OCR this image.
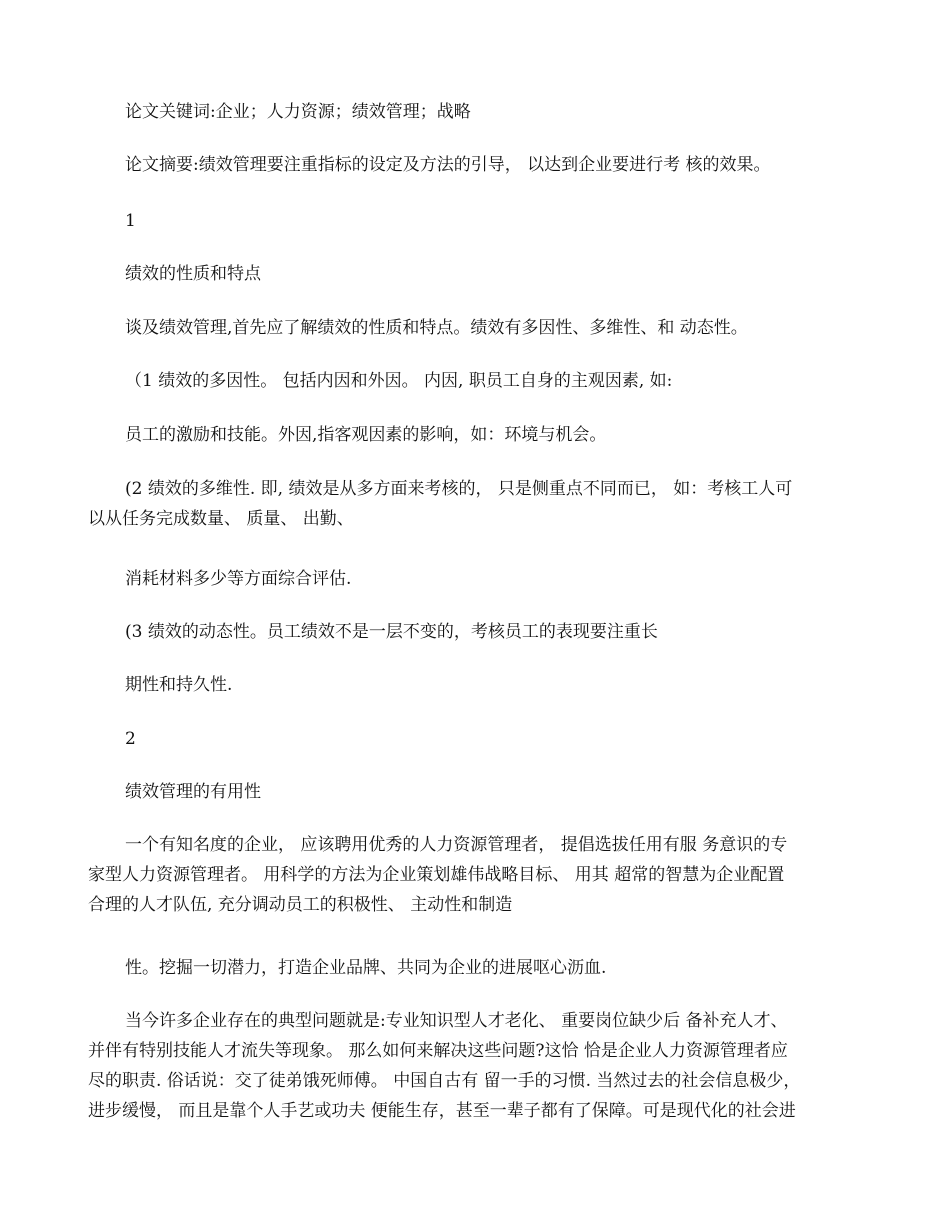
论文关键词:企业；人力资源；绩效管理；战略

论文摘要:绩效管理要注重指标的设定及方法的引导， 以达到企业要进行考 核的效果。

1

绩效的性质和特点

谈及绩效管理,首先应了解绩效的性质和特点。绩效有多因性、多维性、和 动态性。

（1 绩效的多因性。 包括内因和外因。 内因, 职员工自身的主观因素, 如:

员工的激励和技能。外因,指客观因素的影响，如：环境与机会。

(2 绩效的多维性. 即, 绩效是从多方面来考核的， 只是侧重点不同而已， 如：考核工人可
以从任务完成数量、 质量、 出勤、

消耗材料多少等方面综合评估.

(3 绩效的动态性。员工绩效不是一层不变的，考核员工的表现要注重长

期性和持久性.

2

绩效管理的有用性

一个有知名度的企业， 应该聘用优秀的人力资源管理者， 提倡选拔任用有服 务意识的专
家型人力资源管理者。 用科学的方法为企业策划雄伟战略目标、 用其 超常的智慧为企业配置
合理的人才队伍, 充分调动员工的积极性、 主动性和制造

性。挖掘一切潜力，打造企业品牌、共同为企业的进展呕心沥血.

当今许多企业存在的典型问题就是:专业知识型人才老化、 重要岗位缺少后 备补充人才、
并伴有特别技能人才流失等现象。 那么如何来解决这些问题?这恰 恰是企业人力资源管理者应
尽的职责. 俗话说：交了徒弟饿死师傅。 中国自古有 留一手的习惯. 当然过去的社会信息极少，
进步缓慢， 而且是靠个人手艺或功夫 便能生存，甚至一辈子都有了保障。可是现代化的社会进
